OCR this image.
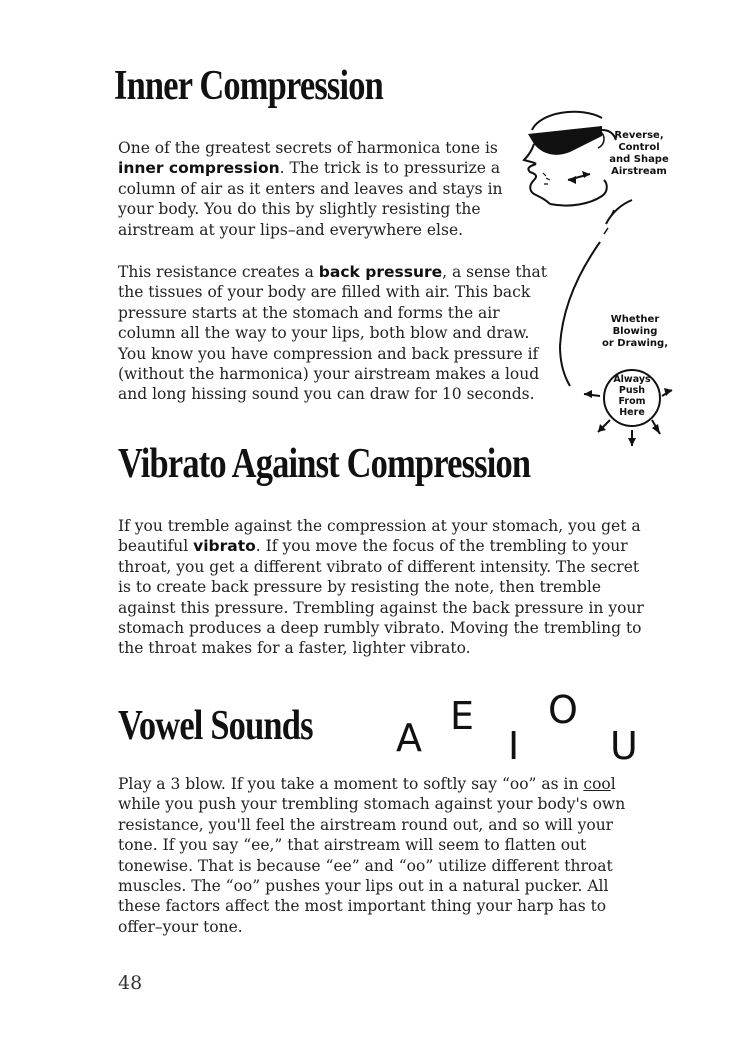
Inner Compression

One of the greatest secrets of harmonica tone is inner compression. The trick is to pressurize a column of air as it enters and leaves and stays in your body. You do this by slightly resisting the airstream at your lips–and everywhere else.

This resistance creates a back pressure, a sense that the tissues of your body are filled with air. This back pressure starts at the stomach and forms the air column all the way to your lips, both blow and draw. You know you have compression and back pressure if (without the harmonica) your airstream makes a loud and long hissing sound you can draw for 10 seconds.

Reverse,
Control
and Shape
Airstream
Whether
Blowing
or Drawing,
Always
Push
From
Here
Vibrato Against Compression

If you tremble against the compression at your stomach, you get a beautiful vibrato. If you move the focus of the trembling to your throat, you get a different vibrato of different intensity. The secret is to create back pressure by resisting the note, then tremble against this pressure. Trembling against the back pressure in your stomach produces a deep rumbly vibrato. Moving the trembling to the throat makes for a faster, lighter vibrato.

Vowel Sounds A E
I
O
U

Play a 3 blow. If you take a moment to softly say “oo” as in cool while you push your trembling stomach against your body's own resistance, you'll feel the airstream round out, and so will your tone. If you say “ee,” that airstream will seem to flatten out tonewise. That is because “ee” and “oo” utilize different throat muscles. The “oo” pushes your lips out in a natural pucker. All these factors affect the most important thing your harp has to offer–your tone.

48
